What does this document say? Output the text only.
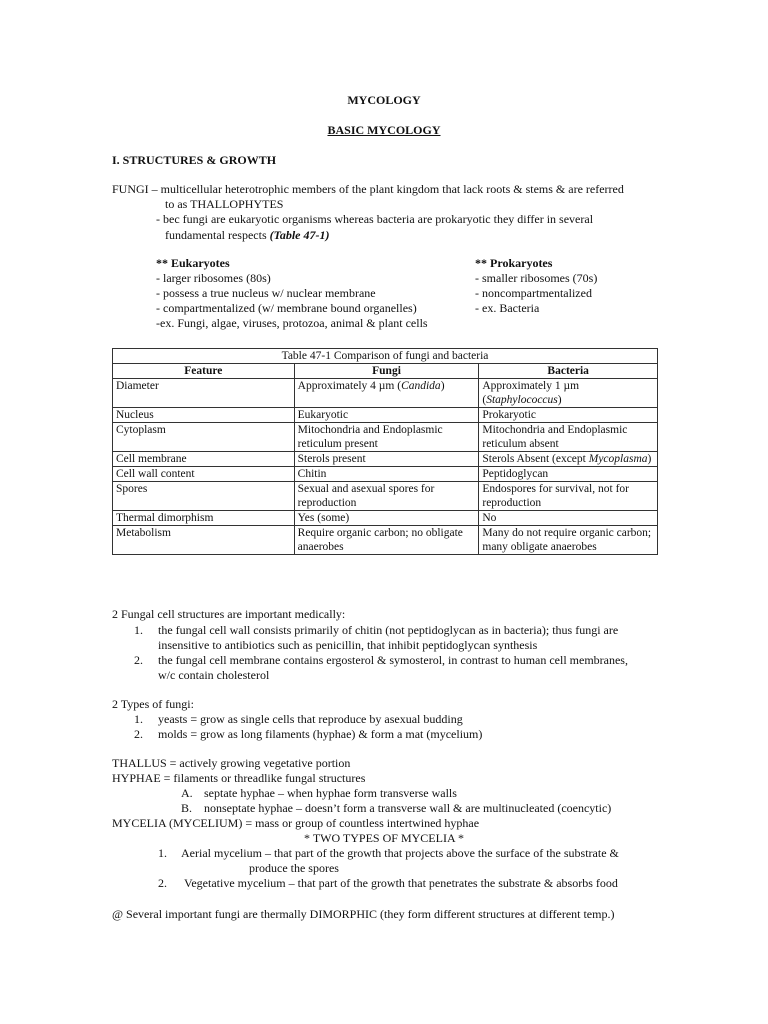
MYCOLOGY
BASIC MYCOLOGY
I. STRUCTURES & GROWTH
FUNGI – multicellular heterotrophic members of the plant kingdom that lack roots & stems & are referred
to as THALLOPHYTES
- bec fungi are eukaryotic organisms whereas bacteria are prokaryotic they differ in several
fundamental respects (Table 47-1)
** Eukaryotes
- larger ribosomes (80s)
- possess a true nucleus w/ nuclear membrane
- compartmentalized (w/ membrane bound organelles)
-ex. Fungi, algae, viruses, protozoa, animal & plant cells
** Prokaryotes
- smaller ribosomes (70s)
- noncompartmentalized
- ex. Bacteria
Table 47-1 Comparison of fungi and bacteria		
Feature	Fungi	Bacteria
Diameter	Approximately 4 µm (Candida)	Approximately 1 µm (Staphylococcus)
Nucleus	Eukaryotic	Prokaryotic
Cytoplasm	Mitochondria and Endoplasmic reticulum present	Mitochondria and Endoplasmic reticulum absent
Cell membrane	Sterols present	Sterols Absent (except Mycoplasma)
Cell wall content	Chitin	Peptidoglycan
Spores	Sexual and asexual spores for reproduction	Endospores for survival, not for reproduction
Thermal dimorphism	Yes (some)	No
Metabolism	Require organic carbon; no obligate anaerobes	Many do not require organic carbon; many obligate anaerobes
2 Fungal cell structures are important medically:
1. the fungal cell wall consists primarily of chitin (not peptidoglycan as in bacteria); thus fungi are
insensitive to antibiotics such as penicillin, that inhibit peptidoglycan synthesis
2. the fungal cell membrane contains ergosterol & symosterol, in contrast to human cell membranes,
w/c contain cholesterol
2 Types of fungi:
1. yeasts = grow as single cells that reproduce by asexual budding
2. molds = grow as long filaments (hyphae) & form a mat (mycelium)
THALLUS = actively growing vegetative portion
HYPHAE = filaments or threadlike fungal structures
A. septate hyphae – when hyphae form transverse walls
B. nonseptate hyphae – doesn’t form a transverse wall & are multinucleated (coencytic)
MYCELIA (MYCELIUM) = mass or group of countless intertwined hyphae
* TWO TYPES OF MYCELIA *
1. Aerial mycelium – that part of the growth that projects above the surface of the substrate &
produce the spores
2. Vegetative mycelium – that part of the growth that penetrates the substrate & absorbs food
@ Several important fungi are thermally DIMORPHIC (they form different structures at different temp.)
